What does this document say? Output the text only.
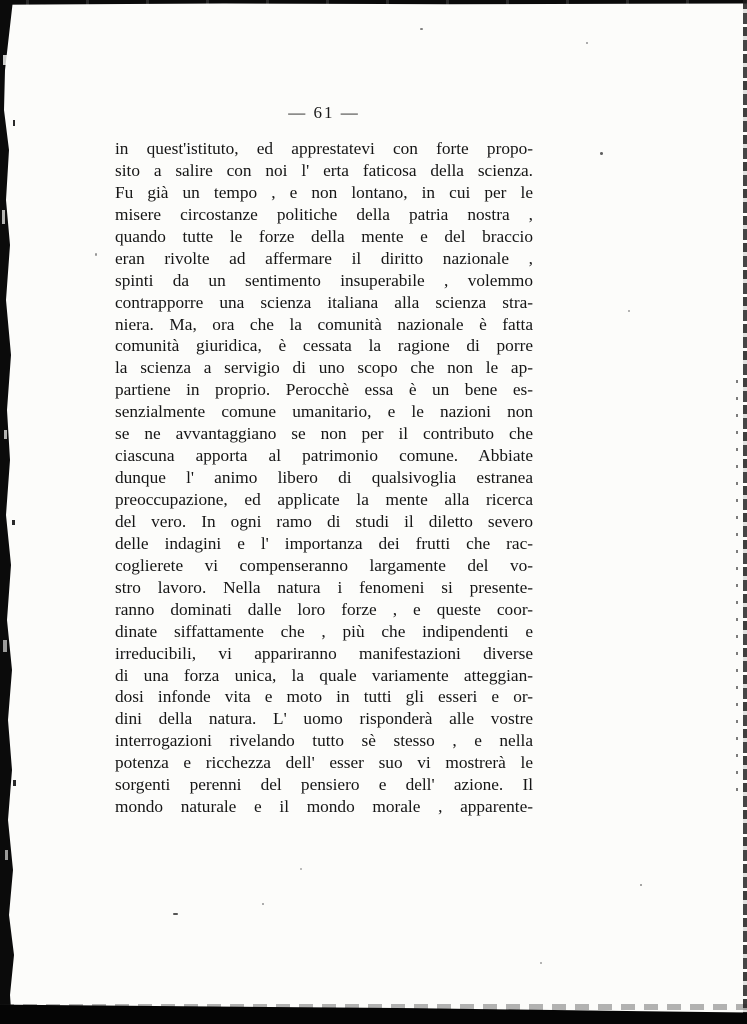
— 61 —
in quest'istituto, ed apprestatevi con forte propo-
sito a salire con noi l' erta faticosa della scienza.
Fu già un tempo , e non lontano, in cui per le
misere circostanze politiche della patria nostra ,
quando tutte le forze della mente e del braccio
eran rivolte ad affermare il diritto nazionale ,
spinti da un sentimento insuperabile , volemmo
contrapporre una scienza italiana alla scienza stra-
niera. Ma, ora che la comunità nazionale è fatta
comunità giuridica, è cessata la ragione di porre
la scienza a servigio di uno scopo che non le ap-
partiene in proprio. Perocchè essa è un bene es-
senzialmente comune umanitario, e le nazioni non
se ne avvantaggiano se non per il contributo che
ciascuna apporta al patrimonio comune. Abbiate
dunque l' animo libero di qualsivoglia estranea
preoccupazione, ed applicate la mente alla ricerca
del vero. In ogni ramo di studi il diletto severo
delle indagini e l' importanza dei frutti che rac-
coglierete vi compenseranno largamente del vo-
stro lavoro. Nella natura i fenomeni si presente-
ranno dominati dalle loro forze , e queste coor-
dinate siffattamente che , più che indipendenti e
irreducibili, vi appariranno manifestazioni diverse
di una forza unica, la quale variamente atteggian-
dosi infonde vita e moto in tutti gli esseri e or-
dini della natura. L' uomo risponderà alle vostre
interrogazioni rivelando tutto sè stesso , e nella
potenza e ricchezza dell' esser suo vi mostrerà le
sorgenti perenni del pensiero e dell' azione. Il
mondo naturale e il mondo morale , apparente-
